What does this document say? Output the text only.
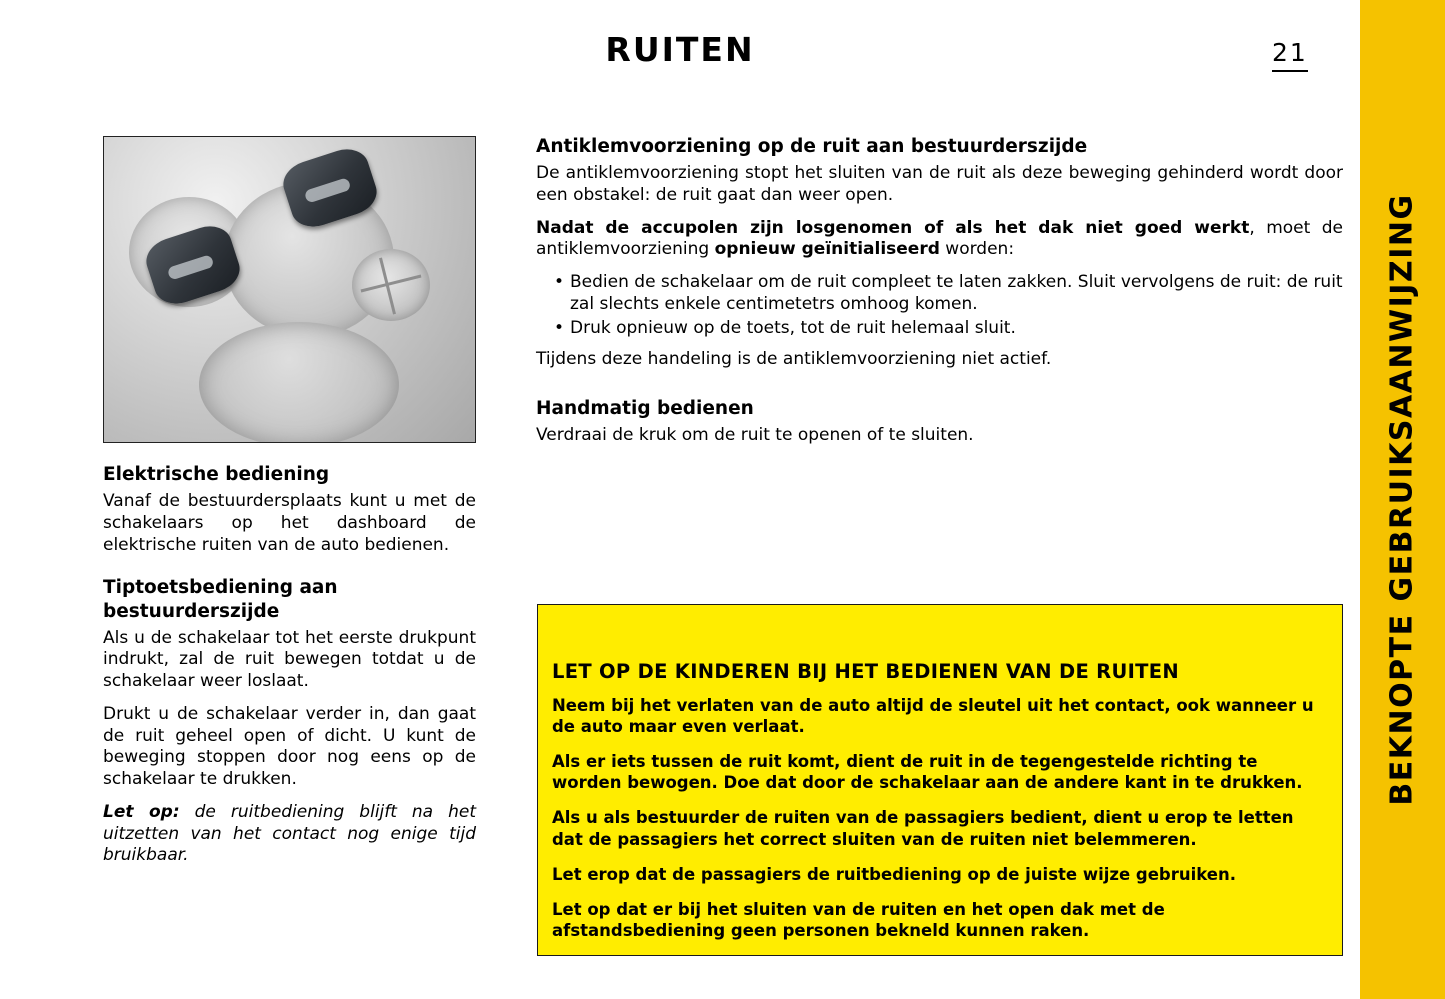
RUITEN	21
Elektrische bediening

Vanaf de bestuurdersplaats kunt u met de schakelaars op het dashboard de elektrische ruiten van de auto bedienen.

Tiptoetsbediening aan bestuurderszijde

Als u de schakelaar tot het eerste drukpunt indrukt, zal de ruit bewegen totdat u de schakelaar weer loslaat.

Drukt u de schakelaar verder in, dan gaat de ruit geheel open of dicht. U kunt de beweging stoppen door nog eens op de schakelaar te drukken.

Let op: de ruitbediening blijft na het uitzetten van het contact nog enige tijd bruikbaar.

Antiklemvoorziening op de ruit aan bestuurderszijde

De antiklemvoorziening stopt het sluiten van de ruit als deze beweging gehinderd wordt door een obstakel: de ruit gaat dan weer open.

Nadat de accupolen zijn losgenomen of als het dak niet goed werkt, moet de antiklemvoorziening opnieuw geïnitialiseerd worden:

• Bedien de schakelaar om de ruit compleet te laten zakken. Sluit vervolgens de ruit: de ruit zal slechts enkele centimetetrs omhoog komen.
• Druk opnieuw op de toets, tot de ruit helemaal sluit.

Tijdens deze handeling is de antiklemvoorziening niet actief.

Handmatig bedienen

Verdraai de kruk om de ruit te openen of te sluiten.

LET OP DE KINDEREN BIJ HET BEDIENEN VAN DE RUITEN

Neem bij het verlaten van de auto altijd de sleutel uit het contact, ook wanneer u de auto maar even verlaat.

Als er iets tussen de ruit komt, dient de ruit in de tegengestelde richting te worden bewogen. Doe dat door de schakelaar aan de andere kant in te drukken.

Als u als bestuurder de ruiten van de passagiers bedient, dient u erop te letten dat de passagiers het correct sluiten van de ruiten niet belemmeren.

Let erop dat de passagiers de ruitbediening op de juiste wijze gebruiken.

Let op dat er bij het sluiten van de ruiten en het open dak met de afstandsbediening geen personen bekneld kunnen raken.

BEKNOPTE GEBRUIKSAANWIJZING
